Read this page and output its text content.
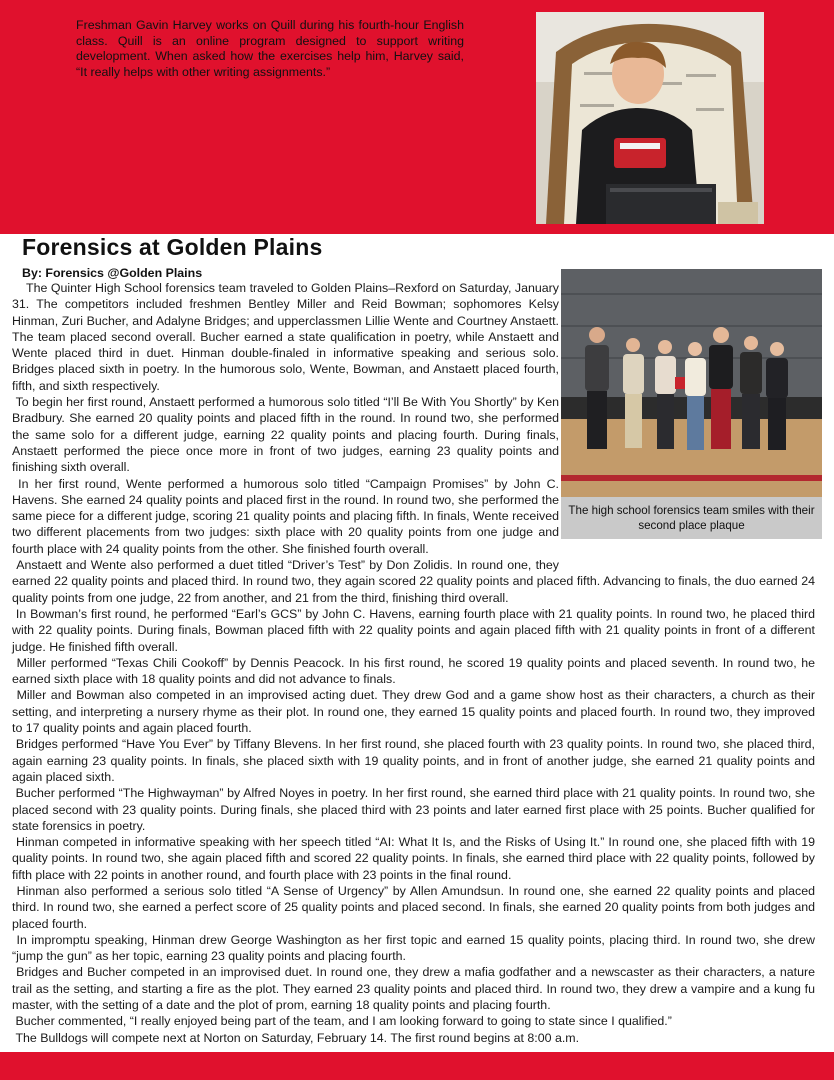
Freshman Gavin Harvey works on Quill during his fourth-hour English class. Quill is an online program designed to support writing development. When asked how the exercises help him, Harvey said, “It really helps with other writing assignments.”
Forensics at Golden Plains
By: Forensics @Golden Plains
The high school forensics team smiles with their second place plaque

The Quinter High School forensics team traveled to Golden Plains–Rexford on Saturday, January 31. The competitors included freshmen Bentley Miller and Reid Bowman; sophomores Kelsy Hinman, Zuri Bucher, and Adalyne Bridges; and upperclassmen Lillie Wente and Courtney Anstaett. The team placed second overall. Bucher earned a state qualification in poetry, while Anstaett and Wente placed third in duet. Hinman double-finaled in informative speaking and serious solo. Bridges placed sixth in poetry. In the humorous solo, Wente, Bowman, and Anstaett placed fourth, fifth, and sixth respectively.

To begin her first round, Anstaett performed a humorous solo titled “I’ll Be With You Shortly” by Ken Bradbury. She earned 20 quality points and placed fifth in the round. In round two, she performed the same solo for a different judge, earning 22 quality points and placing fourth. During finals, Anstaett performed the piece once more in front of two judges, earning 23 quality points and finishing sixth overall.

In her first round, Wente performed a humorous solo titled “Campaign Promises” by John C. Havens. She earned 24 quality points and placed first in the round. In round two, she performed the same piece for a different judge, scoring 21 quality points and placing fifth. In finals, Wente received two different placements from two judges: sixth place with 20 quality points from one judge and fourth place with 24 quality points from the other. She finished fourth overall.

Anstaett and Wente also performed a duet titled “Driver’s Test” by Don Zolidis. In round one, they earned 22 quality points and placed third. In round two, they again scored 22 quality points and placed fifth. Advancing to finals, the duo earned 24 quality points from one judge, 22 from another, and 21 from the third, finishing third overall.

In Bowman’s first round, he performed “Earl’s GCS” by John C. Havens, earning fourth place with 21 quality points. In round two, he placed third with 22 quality points. During finals, Bowman placed fifth with 22 quality points and again placed fifth with 21 quality points in front of a different judge. He finished fifth overall.

Miller performed “Texas Chili Cookoff” by Dennis Peacock. In his first round, he scored 19 quality points and placed seventh. In round two, he earned sixth place with 18 quality points and did not advance to finals.

Miller and Bowman also competed in an improvised acting duet. They drew God and a game show host as their characters, a church as their setting, and interpreting a nursery rhyme as their plot. In round one, they earned 15 quality points and placed fourth. In round two, they improved to 17 quality points and again placed fourth.

Bridges performed “Have You Ever” by Tiffany Blevens. In her first round, she placed fourth with 23 quality points. In round two, she placed third, again earning 23 quality points. In finals, she placed sixth with 19 quality points, and in front of another judge, she earned 21 quality points and again placed sixth.

Bucher performed “The Highwayman” by Alfred Noyes in poetry. In her first round, she earned third place with 21 quality points. In round two, she placed second with 23 quality points. During finals, she placed third with 23 points and later earned first place with 25 points. Bucher qualified for state forensics in poetry.

Hinman competed in informative speaking with her speech titled “AI: What It Is, and the Risks of Using It.” In round one, she placed fifth with 19 quality points. In round two, she again placed fifth and scored 22 quality points. In finals, she earned third place with 22 quality points, followed by fifth place with 22 points in another round, and fourth place with 23 points in the final round.

Hinman also performed a serious solo titled “A Sense of Urgency” by Allen Amundsun. In round one, she earned 22 quality points and placed third. In round two, she earned a perfect score of 25 quality points and placed second. In finals, she earned 20 quality points from both judges and placed fourth.

In impromptu speaking, Hinman drew George Washington as her first topic and earned 15 quality points, placing third. In round two, she drew “jump the gun” as her topic, earning 23 quality points and placing fourth.

Bridges and Bucher competed in an improvised duet. In round one, they drew a mafia godfather and a newscaster as their characters, a nature trail as the setting, and starting a fire as the plot. They earned 23 quality points and placed third. In round two, they drew a vampire and a kung fu master, with the setting of a date and the plot of prom, earning 18 quality points and placing fourth.

Bucher commented, “I really enjoyed being part of the team, and I am looking forward to going to state since I qualified.”

The Bulldogs will compete next at Norton on Saturday, February 14. The first round begins at 8:00 a.m.
